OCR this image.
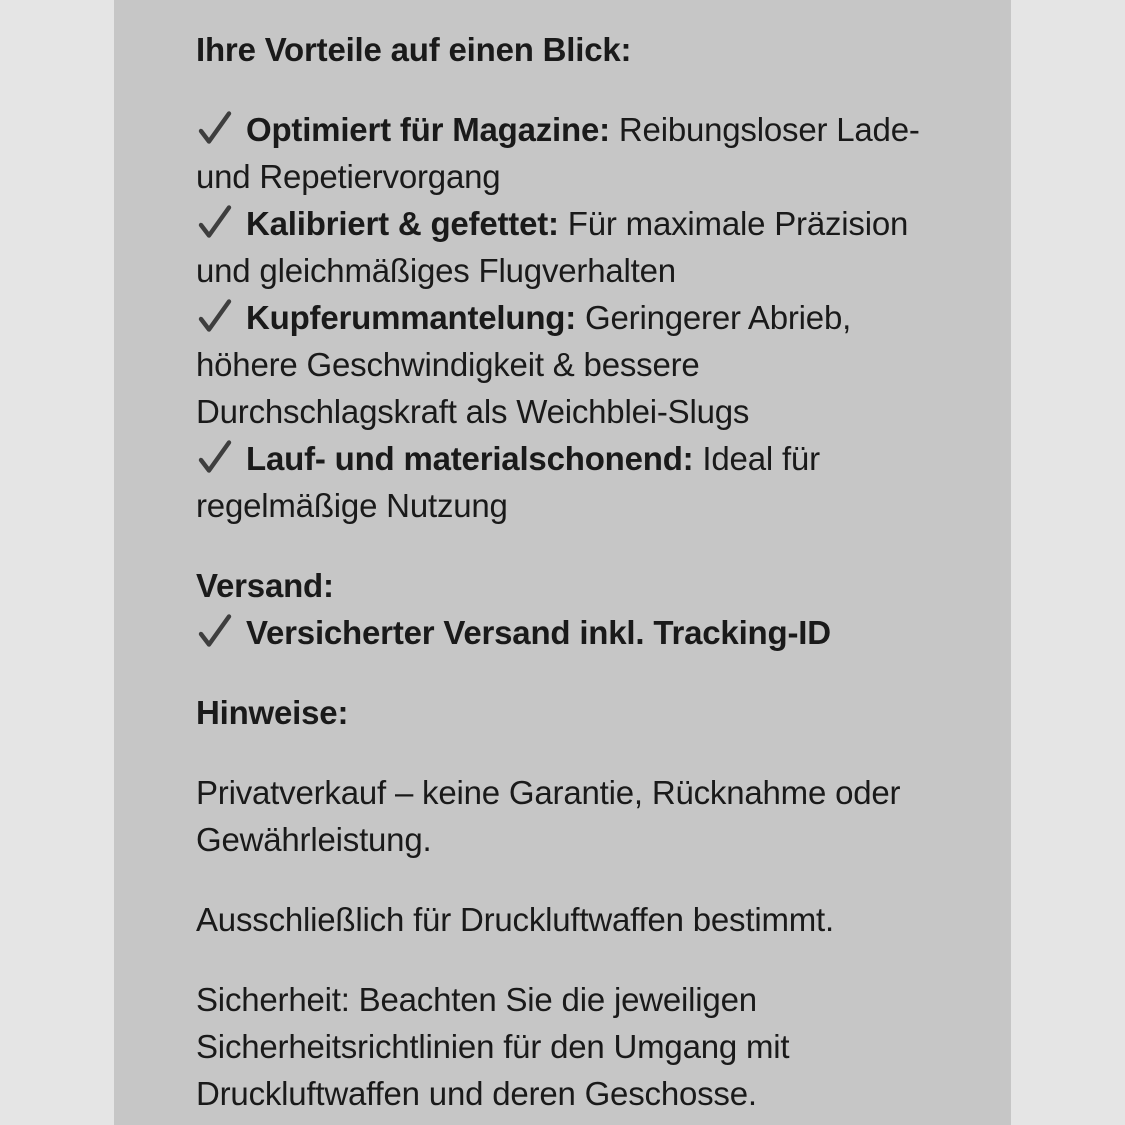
Ihre Vorteile auf einen Blick:

Optimiert für Magazine: Reibungsloser Lade-
und Repetiervorgang

Kalibriert & gefettet: Für maximale Präzision
und gleichmäßiges Flugverhalten

Kupferummantelung: Geringerer Abrieb,
höhere Geschwindigkeit & bessere
Durchschlagskraft als Weichblei-Slugs

Lauf- und materialschonend: Ideal für
regelmäßige Nutzung

Versand:

Versicherter Versand inkl. Tracking-ID

Hinweise:

Privatverkauf – keine Garantie, Rücknahme oder
Gewährleistung.

Ausschließlich für Druckluftwaffen bestimmt.

Sicherheit: Beachten Sie die jeweiligen
Sicherheitsrichtlinien für den Umgang mit
Druckluftwaffen und deren Geschosse.
